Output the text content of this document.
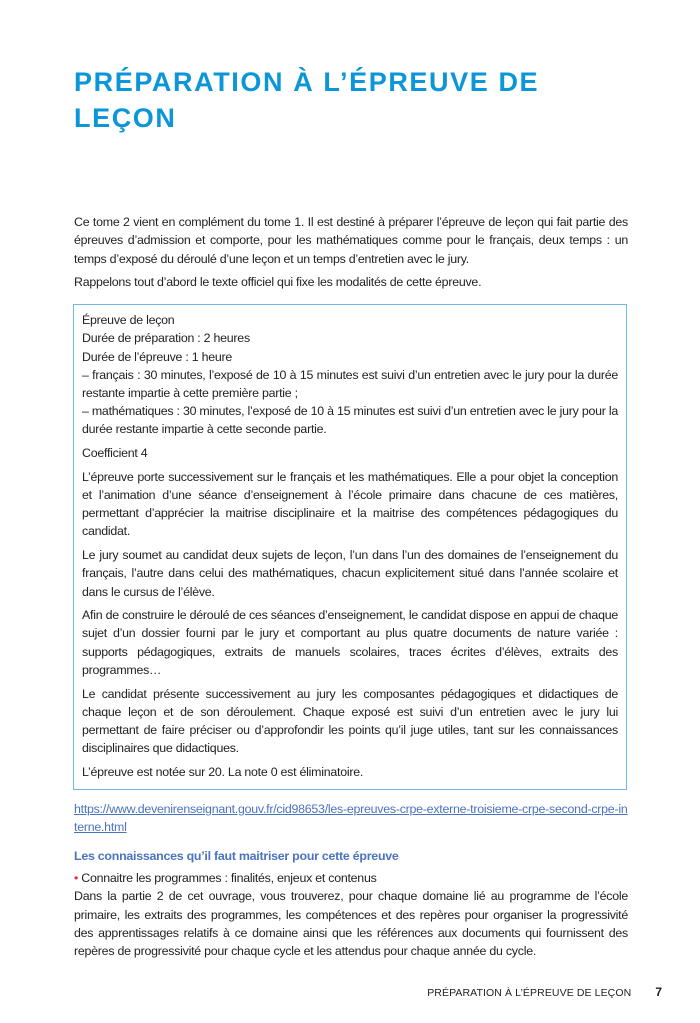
PRÉPARATION À L’ÉPREUVE DE LEÇON

Ce tome 2 vient en complément du tome 1. Il est destiné à préparer l’épreuve de leçon qui fait partie des épreuves d’admission et comporte, pour les mathématiques comme pour le français, deux temps : un temps d’exposé du déroulé d’une leçon et un temps d’entretien avec le jury.

Rappelons tout d’abord le texte officiel qui fixe les modalités de cette épreuve.

Épreuve de leçon

Durée de préparation : 2 heures

Durée de l’épreuve : 1 heure

– français : 30 minutes, l’exposé de 10 à 15 minutes est suivi d’un entretien avec le jury pour la durée restante impartie à cette première partie ;

– mathématiques : 30 minutes, l’exposé de 10 à 15 minutes est suivi d’un entretien avec le jury pour la durée restante impartie à cette seconde partie.

Coefficient 4

L’épreuve porte successivement sur le français et les mathématiques. Elle a pour objet la conception et l’animation d’une séance d’enseignement à l’école primaire dans chacune de ces matières, permettant d’apprécier la maitrise disciplinaire et la maitrise des compétences pédagogiques du candidat.

Le jury soumet au candidat deux sujets de leçon, l’un dans l’un des domaines de l’enseignement du français, l’autre dans celui des mathématiques, chacun explicitement situé dans l’année scolaire et dans le cursus de l’élève.

Afin de construire le déroulé de ces séances d’enseignement, le candidat dispose en appui de chaque sujet d’un dossier fourni par le jury et comportant au plus quatre documents de nature variée : supports pédagogiques, extraits de manuels scolaires, traces écrites d’élèves, extraits des programmes…

Le candidat présente successivement au jury les composantes pédagogiques et didactiques de chaque leçon et de son déroulement. Chaque exposé est suivi d’un entretien avec le jury lui permettant de faire préciser ou d’approfondir les points qu’il juge utiles, tant sur les connaissances disciplinaires que didactiques.

L’épreuve est notée sur 20. La note 0 est éliminatoire.

https://www.devenirenseignant.gouv.fr/cid98653/les-epreuves-crpe-externe-troisieme-crpe-second-crpe-interne.html
Les connaissances qu’il faut maitriser pour cette épreuve

• Connaitre les programmes : finalités, enjeux et contenus

Dans la partie 2 de cet ouvrage, vous trouverez, pour chaque domaine lié au programme de l’école primaire, les extraits des programmes, les compétences et des repères pour organiser la progressivité des apprentissages relatifs à ce domaine ainsi que les références aux documents qui fournissent des repères de progressivité pour chaque cycle et les attendus pour chaque année du cycle.

PRÉPARATION À L’ÉPREUVE DE LEÇON 7
